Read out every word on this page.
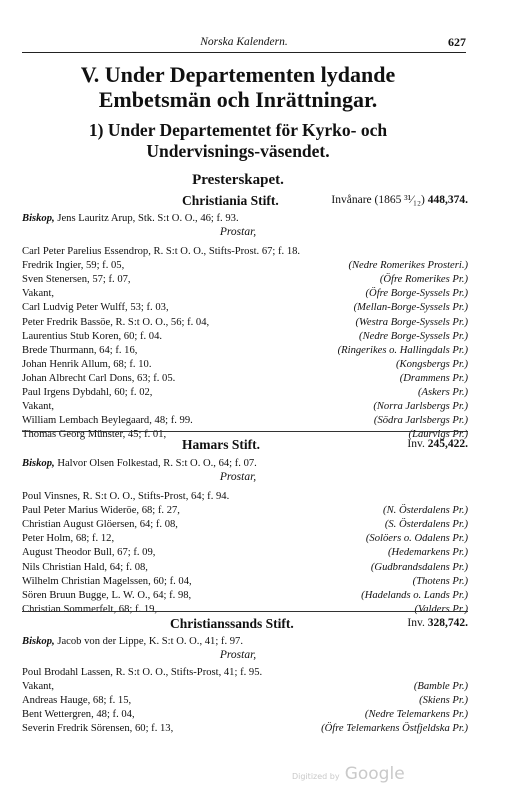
Norska Kalendern.	627
V. Under Departementen lydande
Embetsmän och Inrättningar.
1) Under Departementet för Kyrko- och
Undervisnings-väsendet.
Presterskapet.
Christiania Stift.	Invånare (1865 ³¹⁄₁₂) 448,374.
Biskop, Jens Lauritz Arup, Stk. S:t O. O., 46; f. 93.
Prostar,
Carl Peter Parelius Essendrop, R. S:t O. O., Stifts-Prost. 67; f. 18.
Fredrik Ingier, 59; f. 05,	(Nedre Romerikes Prosteri.)
Sven Stenersen, 57; f. 07,	(Öfre Romerikes Pr.)
Vakant,	(Öfre Borge-Syssels Pr.)
Carl Ludvig Peter Wulff, 53; f. 03,	(Mellan-Borge-Syssels Pr.)
Peter Fredrik Bassöe, R. S:t O. O., 56; f. 04,	(Westra Borge-Syssels Pr.)
Laurentius Stub Koren, 60; f. 04.	(Nedre Borge-Syssels Pr.)
Brede Thurmann, 64; f. 16,	(Ringerikes o. Hallingdals Pr.)
Johan Henrik Allum, 68; f. 10.	(Kongsbergs Pr.)
Johan Albrecht Carl Dons, 63; f. 05.	(Drammens Pr.)
Paul Irgens Dybdahl, 60; f. 02,	(Askers Pr.)
Vakant,	(Norra Jarlsbergs Pr.)
William Lembach Beylegaard, 48; f. 99.	(Södra Jarlsbergs Pr.)
Thomas Georg Münster, 45; f. 01,	(Laurvigs Pr.)
Hamars Stift.	Inv. 245,422.
Biskop, Halvor Olsen Folkestad, R. S:t O. O., 64; f. 07.
Prostar,
Poul Vinsnes, R. S:t O. O., Stifts-Prost, 64; f. 94.
Paul Peter Marius Wideröe, 68; f. 27,	(N. Österdalens Pr.)
Christian August Glöersen, 64; f. 08,	(S. Österdalens Pr.)
Peter Holm, 68; f. 12,	(Solöers o. Odalens Pr.)
August Theodor Bull, 67; f. 09,	(Hedemarkens Pr.)
Nils Christian Hald, 64; f. 08,	(Gudbrandsdalens Pr.)
Wilhelm Christian Magelssen, 60; f. 04,	(Thotens Pr.)
Sören Bruun Bugge, L. W. O., 64; f. 98,	(Hadelands o. Lands Pr.)
Christian Sommerfelt, 68; f. 19,	(Valders Pr.)
Christianssands Stift.	Inv. 328,742.
Biskop, Jacob von der Lippe, K. S:t O. O., 41; f. 97.
Prostar,
Poul Brodahl Lassen, R. S:t O. O., Stifts-Prost, 41; f. 95.
Vakant,	(Bamble Pr.)
Andreas Hauge, 68; f. 15,	(Skiens Pr.)
Bent Wettergren, 48; f. 04,	(Nedre Telemarkens Pr.)
Severin Fredrik Sörensen, 60; f. 13,	(Öfre Telemarkens Östfjeldska Pr.)
Digitized by Google
